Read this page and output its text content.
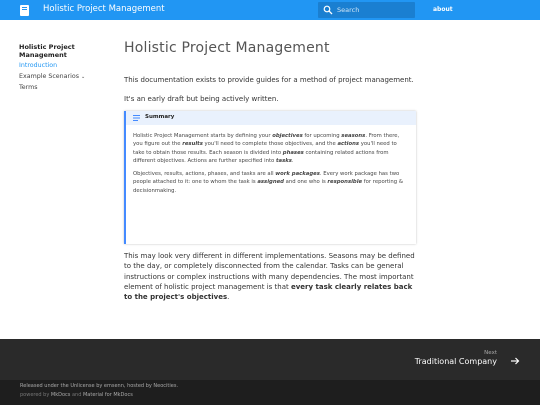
Holistic Project Management
Search	about
Holistic Project Management
Introduction
Example Scenarios ⌄
Terms
Holistic Project Management

This documentation exists to provide guides for a method of project management.

It's an early draft but being actively written.

Summary

Holistic Project Management starts by defining your objectives for upcoming seasons. From there, you figure out the results you'll need to complete those objectives, and the actions you'll need to take to obtain those results. Each season is divided into phases containing related actions from different objectives. Actions are further specified into tasks.

Objectives, results, actions, phases, and tasks are all work packages. Every work package has two people attached to it: one to whom the task is assigned and one who is responsible for reporting & decisionmaking.

This may look very different in different implementations. Seasons may be defined to the day, or completely disconnected from the calendar. Tasks can be general instructions or complex instructions with many dependencies. The most important element of holistic project management is that every task clearly relates back to the project's objectives.

Next
Traditional Company
Released under the Unlicense by emsenn, hosted by Neocities.
powered by MkDocs and Material for MkDocs
